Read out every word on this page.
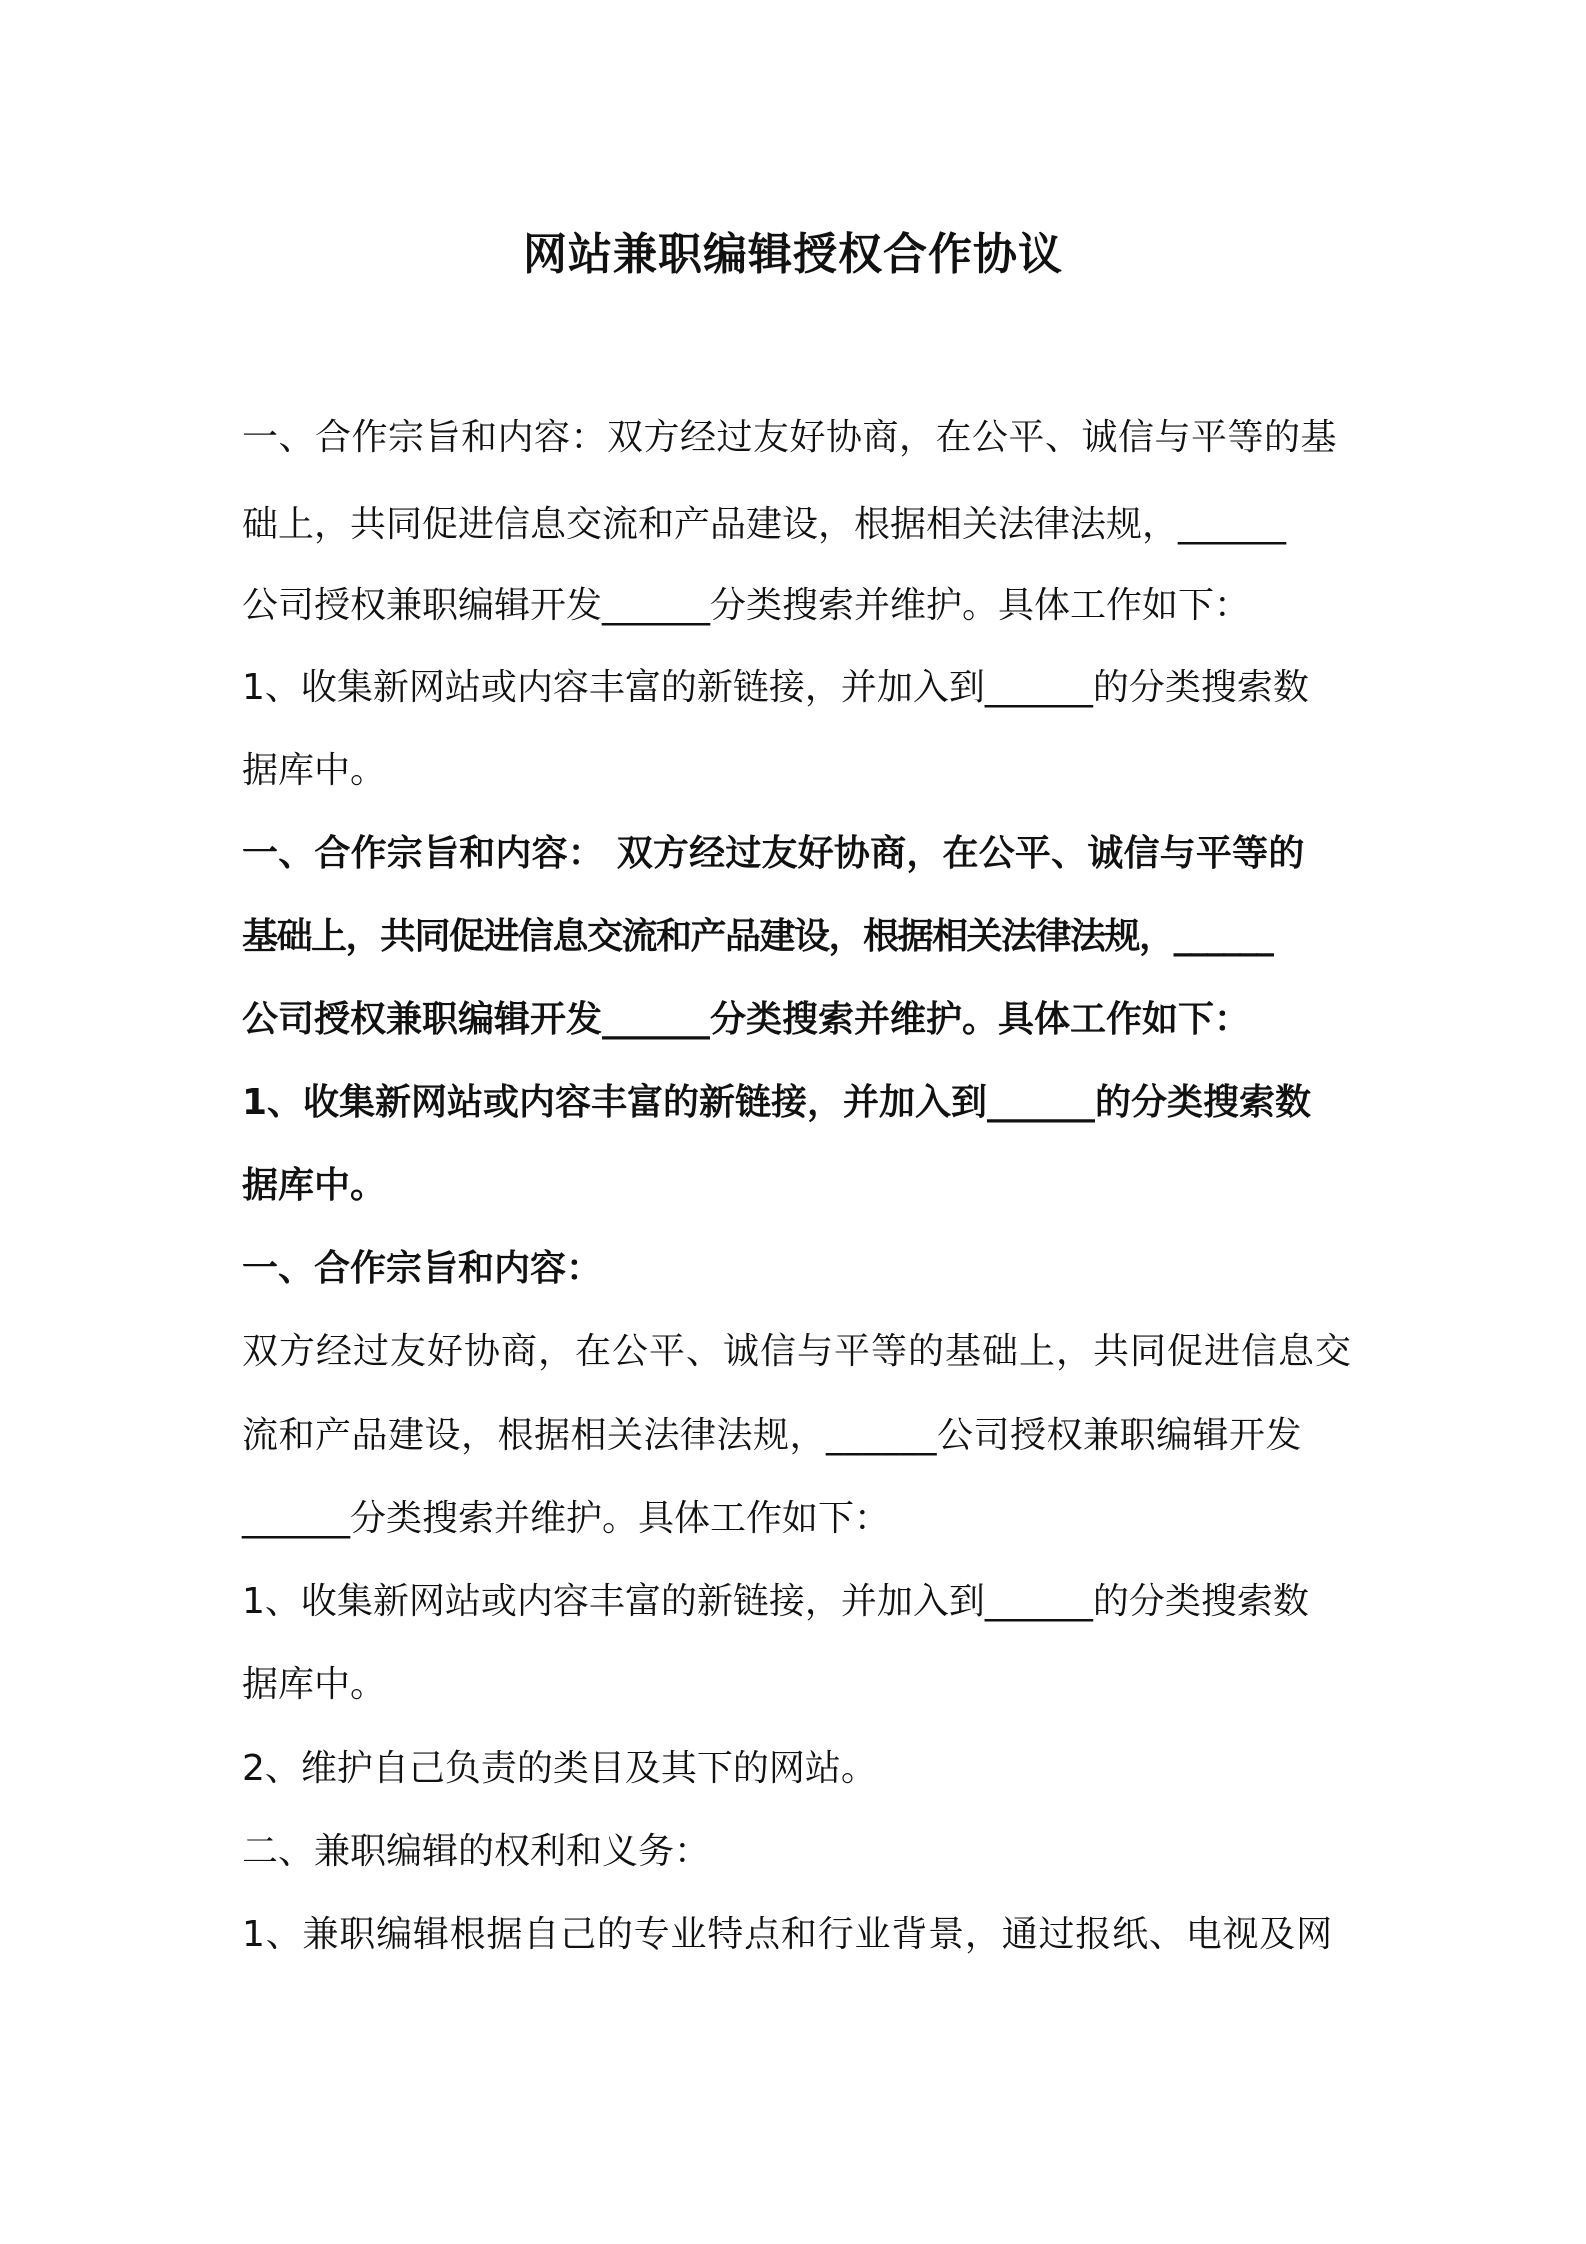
网站兼职编辑授权合作协议
一、合作宗旨和内容：双方经过友好协商，在公平、诚信与平等的基
础上，共同促进信息交流和产品建设，根据相关法律法规，______
公司授权兼职编辑开发______分类搜索并维护。具体工作如下：
1、收集新网站或内容丰富的新链接，并加入到______的分类搜索数
据库中。
一、合作宗旨和内容： 双方经过友好协商，在公平、诚信与平等的
基础上，共同促进信息交流和产品建设，根据相关法律法规，______
公司授权兼职编辑开发______分类搜索并维护。具体工作如下：
1、收集新网站或内容丰富的新链接，并加入到______的分类搜索数
据库中。
一、合作宗旨和内容：
双方经过友好协商，在公平、诚信与平等的基础上，共同促进信息交
流和产品建设，根据相关法律法规，______公司授权兼职编辑开发
______分类搜索并维护。具体工作如下：
1、收集新网站或内容丰富的新链接，并加入到______的分类搜索数
据库中。
2、维护自己负责的类目及其下的网站。
二、兼职编辑的权利和义务：
1、兼职编辑根据自己的专业特点和行业背景，通过报纸、电视及网
